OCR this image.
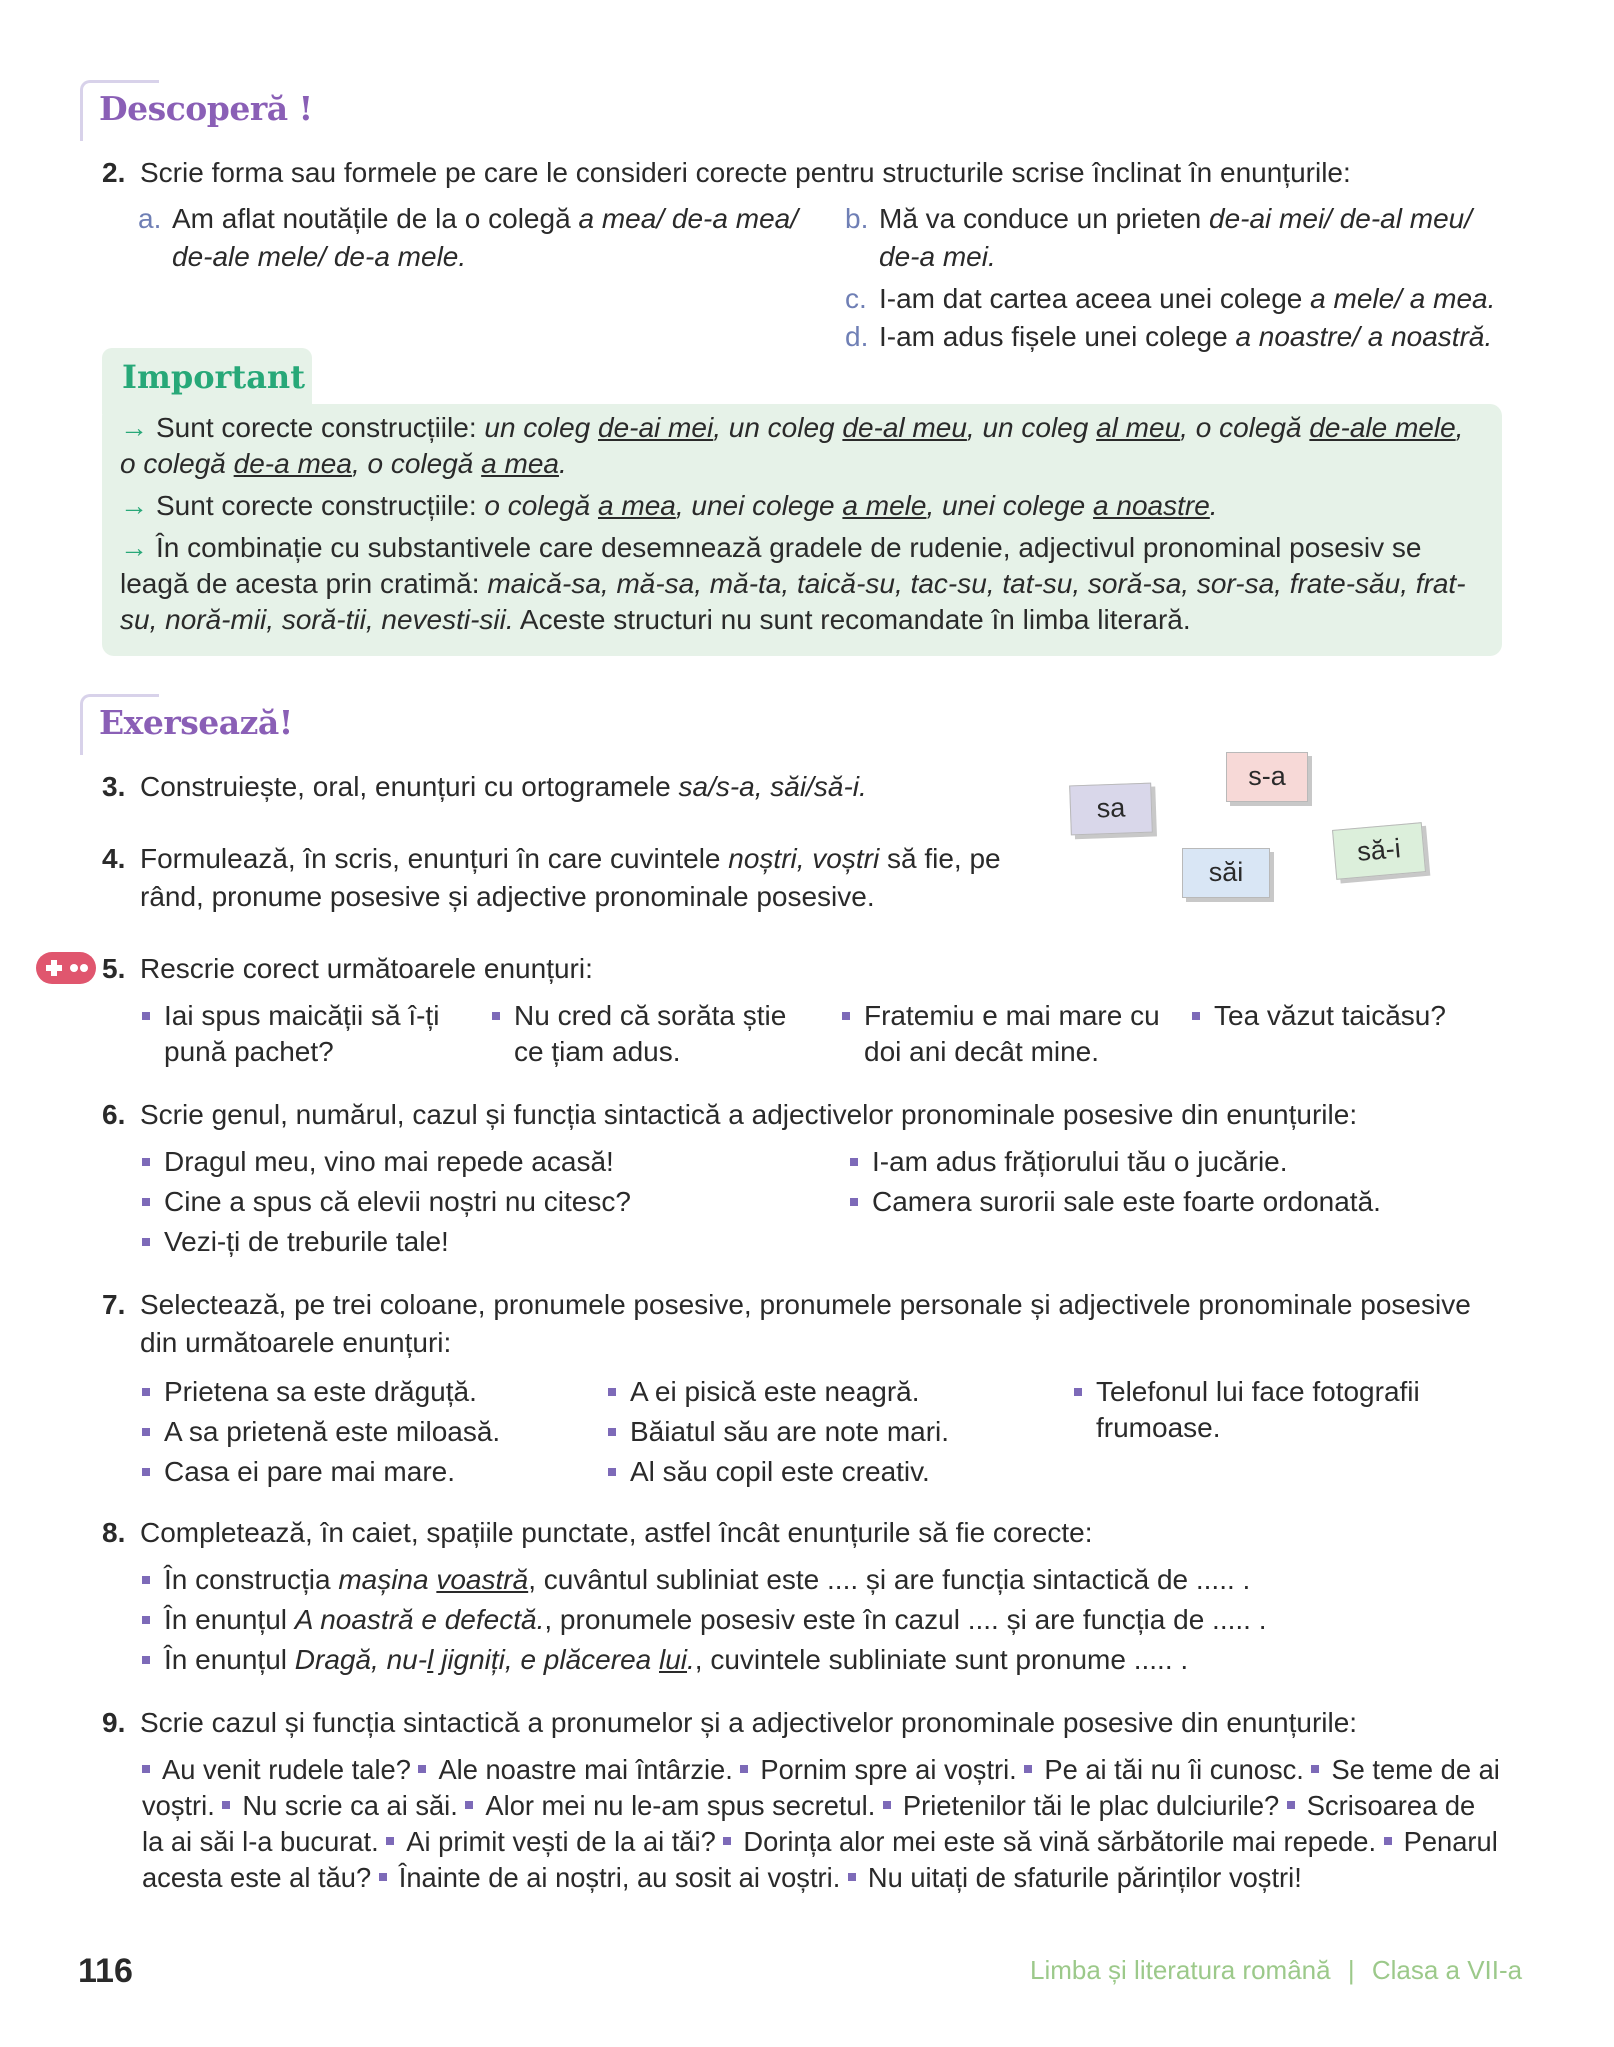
Descoperă !
2. Scrie forma sau formele pe care le consideri corecte pentru structurile scrise înclinat în enunțurile:
a. Am aflat noutățile de la o colegă a mea/ de-a mea/ de-ale mele/ de-a mele.
b. Mă va conduce un prieten de-ai mei/ de-al meu/ de-a mei.
c. I-am dat cartea aceea unei colege a mele/ a mea.
d. I-am adus fișele unei colege a noastre/ a noastră.
Important
→ Sunt corecte construcțiile: un coleg de-ai mei, un coleg de-al meu, un coleg al meu, o colegă de-ale mele, o colegă de-a mea, o colegă a mea.
→ Sunt corecte construcțiile: o colegă a mea, unei colege a mele, unei colege a noastre.
→ În combinație cu substantivele care desemnează gradele de rudenie, adjectivul pronominal posesiv se leagă de acesta prin cratimă: maică-sa, mă-sa, mă-ta, taică-su, tac-su, tat-su, soră-sa, sor-sa, frate-său, frat-su, noră-mii, soră-tii, nevesti-sii. Aceste structuri nu sunt recomandate în limba literară.
Exersează!
sa
s-a
săi
să-i
3. Construiește, oral, enunțuri cu ortogramele sa/s-a, săi/să-i.
4. Formulează, în scris, enunțuri în care cuvintele noștri, voștri să fie, pe rând, pronume posesive și adjective pronominale posesive.
5. Rescrie corect următoarele enunțuri:
Iai spus maicății să î-ți pună pachet?
Nu cred că sorăta știe ce țiam adus.
Fratemiu e mai mare cu doi ani decât mine.
Tea văzut taicăsu?
6. Scrie genul, numărul, cazul și funcția sintactică a adjectivelor pronominale posesive din enunțurile:
Dragul meu, vino mai repede acasă!
Cine a spus că elevii noștri nu citesc?
Vezi-ți de treburile tale!
I-am adus frățiorului tău o jucărie.
Camera surorii sale este foarte ordonată.
7. Selectează, pe trei coloane, pronumele posesive, pronumele personale și adjectivele pronominale posesive din următoarele enunțuri:
Prietena sa este drăguță.
A sa prietenă este miloasă.
Casa ei pare mai mare.
A ei pisică este neagră.
Băiatul său are note mari.
Al său copil este creativ.
Telefonul lui face fotografii frumoase.
8. Completează, în caiet, spațiile punctate, astfel încât enunțurile să fie corecte:
În construcția mașina voastră, cuvântul subliniat este .... și are funcția sintactică de ..... .
În enunțul A noastră e defectă., pronumele posesiv este în cazul .... și are funcția de ..... .
În enunțul Dragă, nu-l jigniți, e plăcerea lui., cuvintele subliniate sunt pronume ..... .
9. Scrie cazul și funcția sintactică a pronumelor și a adjectivelor pronominale posesive din enunțurile:
Au venit rudele tale? Ale noastre mai întârzie. Pornim spre ai voștri. Pe ai tăi nu îi cunosc. Se teme de ai voștri. Nu scrie ca ai săi. Alor mei nu le-am spus secretul. Prietenilor tăi le plac dulciurile? Scrisoarea de la ai săi l-a bucurat. Ai primit vești de la ai tăi? Dorința alor mei este să vină sărbătorile mai repede. Penarul acesta este al tău? Înainte de ai noștri, au sosit ai voștri. Nu uitați de sfaturile părinților voștri!
116	Limba și literatura română | Clasa a VII-a
